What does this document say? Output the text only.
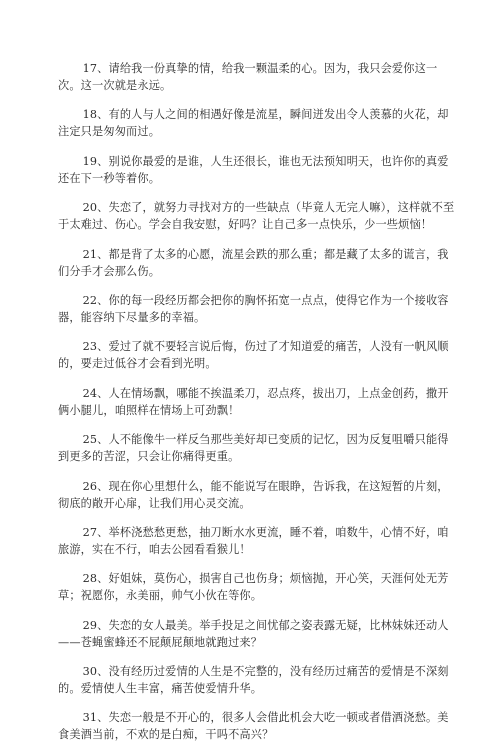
17、请给我一份真挚的情，给我一颗温柔的心。因为，我只会爱你这一次。这一次就是永远。

18、有的人与人之间的相遇好像是流星，瞬间迸发出令人羡慕的火花，却注定只是匆匆而过。

19、别说你最爱的是谁，人生还很长，谁也无法预知明天，也许你的真爱还在下一秒等着你。

20、失恋了，就努力寻找对方的一些缺点（毕竟人无完人嘛），这样就不至于太难过、伤心。学会自我安慰，好吗？让自己多一点快乐，少一些烦恼！

21、都是背了太多的心愿，流星会跌的那么重；都是藏了太多的谎言，我们分手才会那么伤。

22、你的每一段经历都会把你的胸怀拓宽一点点，使得它作为一个接收容器，能容纳下尽量多的幸福。

23、爱过了就不要轻言说后悔，伤过了才知道爱的痛苦，人没有一帆风顺的，要走过低谷才会看到光明。

24、人在情场飘，哪能不挨温柔刀，忍点疼，拔出刀，上点金创药，撒开俩小腿儿，咱照样在情场上可劲飘！

25、人不能像牛一样反刍那些美好却已变质的记忆，因为反复咀嚼只能得到更多的苦涩，只会让你痛得更重。

26、现在你心里想什么，能不能说写在眼睁，告诉我，在这短暂的片刻，彻底的敞开心扉，让我们用心灵交流。

27、举杯浇愁愁更愁，抽刀断水水更流，睡不着，咱数牛，心情不好，咱旅游，实在不行，咱去公园看看猴儿！

28、好姐妹，莫伤心，损害自己也伤身；烦恼抛，开心笑，天涯何处无芳草；祝愿你，永美丽，帅气小伙在等你。

29、失恋的女人最美。举手投足之间忧郁之姿表露无疑，比林妹妹还动人——苍蝇蜜蜂还不屁颠屁颠地就跑过来？

30、没有经历过爱情的人生是不完整的，没有经历过痛苦的爱情是不深刻的。爱情使人生丰富，痛苦使爱情升华。

31、失恋一般是不开心的，很多人会借此机会大吃一顿或者借酒浇愁。美食美酒当前，不欢的是白痴，干吗不高兴？
